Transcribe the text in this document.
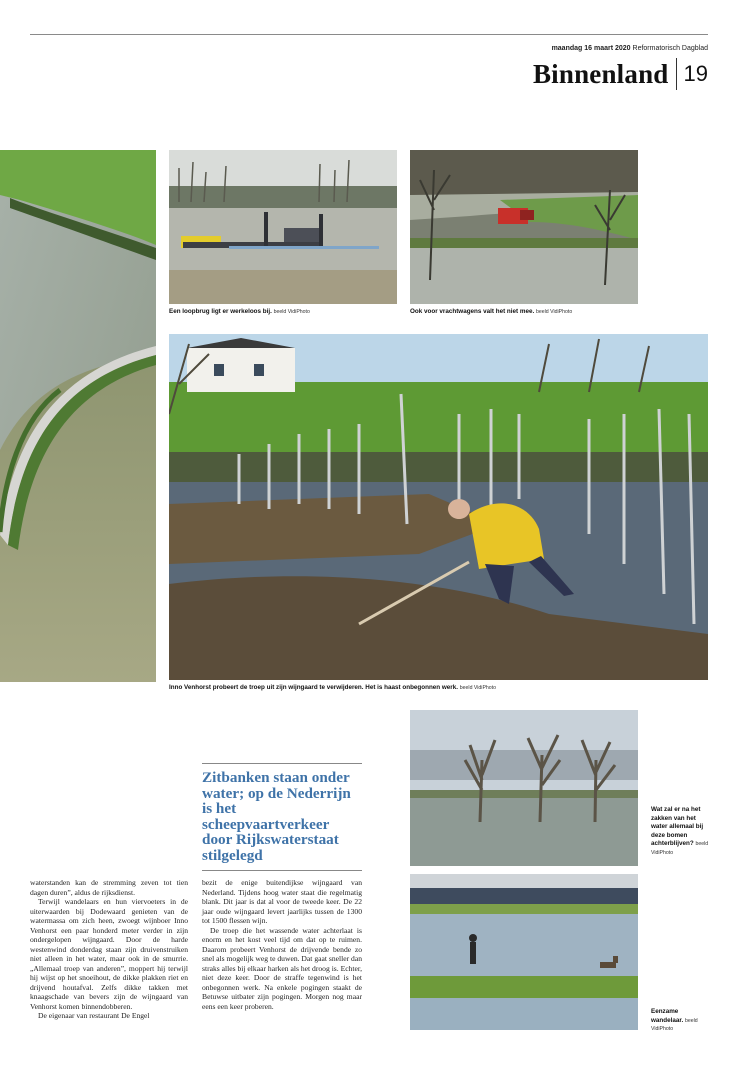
maandag 16 maart 2020 Reformatorisch Dagblad
Binnenland 19
Een loopbrug ligt er werkeloos bij. beeld VidiPhoto	Ook voor vrachtwagens valt het niet mee. beeld VidiPhoto
Inno Venhorst probeert de troep uit zijn wijngaard te verwijderen. Het is haast onbegonnen werk. beeld VidiPhoto
Wat zal er na het zakken van het water allemaal bij deze bomen achterblijven? beeld VidiPhoto
Eenzame wandelaar. beeld VidiPhoto
Zitbanken staan onder water; op de Nederrijn is het scheepvaartverkeer door Rijkswaterstaat stilgelegd

waterstanden kan de stremming zeven tot tien dagen duren”, aldus de rijksdienst.

Terwijl wandelaars en hun viervoeters in de uiterwaarden bij Dodewaard genieten van de watermassa om zich heen, zwoegt wijnboer Inno Venhorst een paar honderd meter verder in zijn ondergelopen wijngaard. Door de harde westenwind donderdag staan zijn druivenstruiken niet alleen in het water, maar ook in de smurrie. „Allemaal troep van anderen”, moppert hij terwijl hij wijst op het snoeihout, de dikke plakken riet en drijvend houtafval. Zelfs dikke takken met knaagschade van bevers zijn de wijngaard van Venhorst komen binnendobberen.

De eigenaar van restaurant De Engel

bezit de enige buitendijkse wijngaard van Nederland. Tijdens hoog water staat die regelmatig blank. Dit jaar is dat al voor de tweede keer. De 22 jaar oude wijngaard levert jaarlijks tussen de 1300 tot 1500 flessen wijn.

De troep die het wassende water achterlaat is enorm en het kost veel tijd om dat op te ruimen. Daarom probeert Venhorst de drijvende bende zo snel als mogelijk weg te duwen. Dat gaat sneller dan straks alles bij elkaar harken als het droog is. Echter, niet deze keer. Door de straffe tegenwind is het onbegonnen werk. Na enkele pogingen staakt de Betuwse uitbater zijn pogingen. Morgen nog maar eens een keer proberen.
